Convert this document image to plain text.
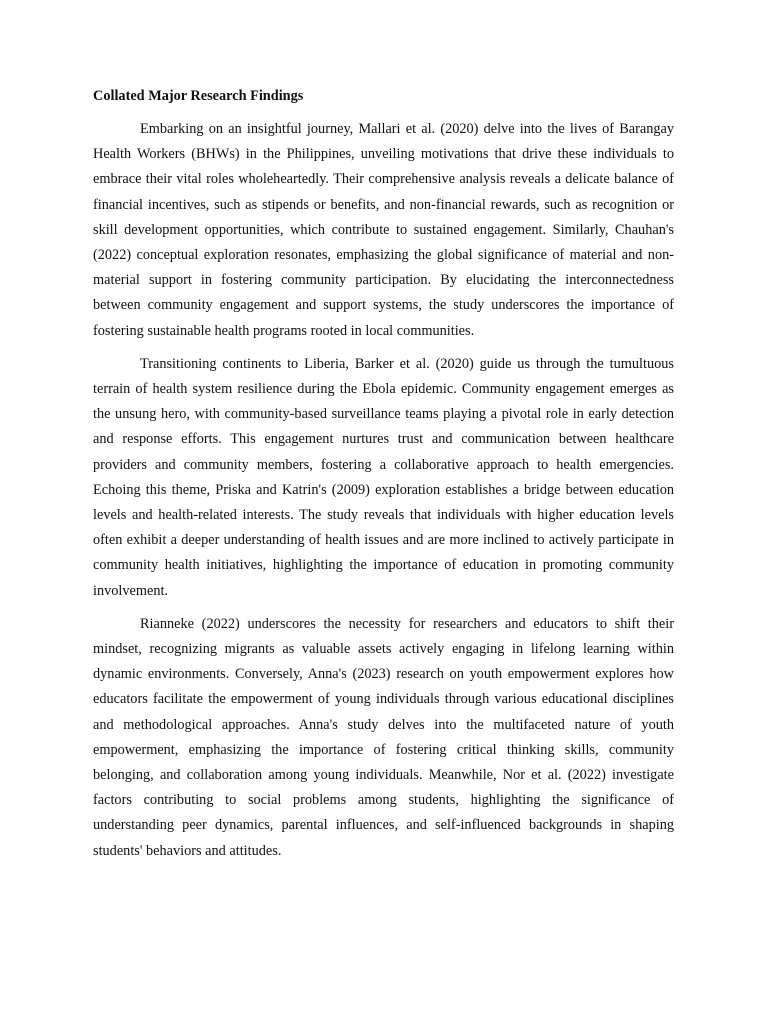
Collated Major Research Findings

Embarking on an insightful journey, Mallari et al. (2020) delve into the lives of Barangay Health Workers (BHWs) in the Philippines, unveiling motivations that drive these individuals to embrace their vital roles wholeheartedly. Their comprehensive analysis reveals a delicate balance of financial incentives, such as stipends or benefits, and non-financial rewards, such as recognition or skill development opportunities, which contribute to sustained engagement. Similarly, Chauhan's (2022) conceptual exploration resonates, emphasizing the global significance of material and non-material support in fostering community participation. By elucidating the interconnectedness between community engagement and support systems, the study underscores the importance of fostering sustainable health programs rooted in local communities.

Transitioning continents to Liberia, Barker et al. (2020) guide us through the tumultuous terrain of health system resilience during the Ebola epidemic. Community engagement emerges as the unsung hero, with community-based surveillance teams playing a pivotal role in early detection and response efforts. This engagement nurtures trust and communication between healthcare providers and community members, fostering a collaborative approach to health emergencies. Echoing this theme, Priska and Katrin's (2009) exploration establishes a bridge between education levels and health-related interests. The study reveals that individuals with higher education levels often exhibit a deeper understanding of health issues and are more inclined to actively participate in community health initiatives, highlighting the importance of education in promoting community involvement.

Rianneke (2022) underscores the necessity for researchers and educators to shift their mindset, recognizing migrants as valuable assets actively engaging in lifelong learning within dynamic environments. Conversely, Anna's (2023) research on youth empowerment explores how educators facilitate the empowerment of young individuals through various educational disciplines and methodological approaches. Anna's study delves into the multifaceted nature of youth empowerment, emphasizing the importance of fostering critical thinking skills, community belonging, and collaboration among young individuals. Meanwhile, Nor et al. (2022) investigate factors contributing to social problems among students, highlighting the significance of understanding peer dynamics, parental influences, and self-influenced backgrounds in shaping students' behaviors and attitudes.
